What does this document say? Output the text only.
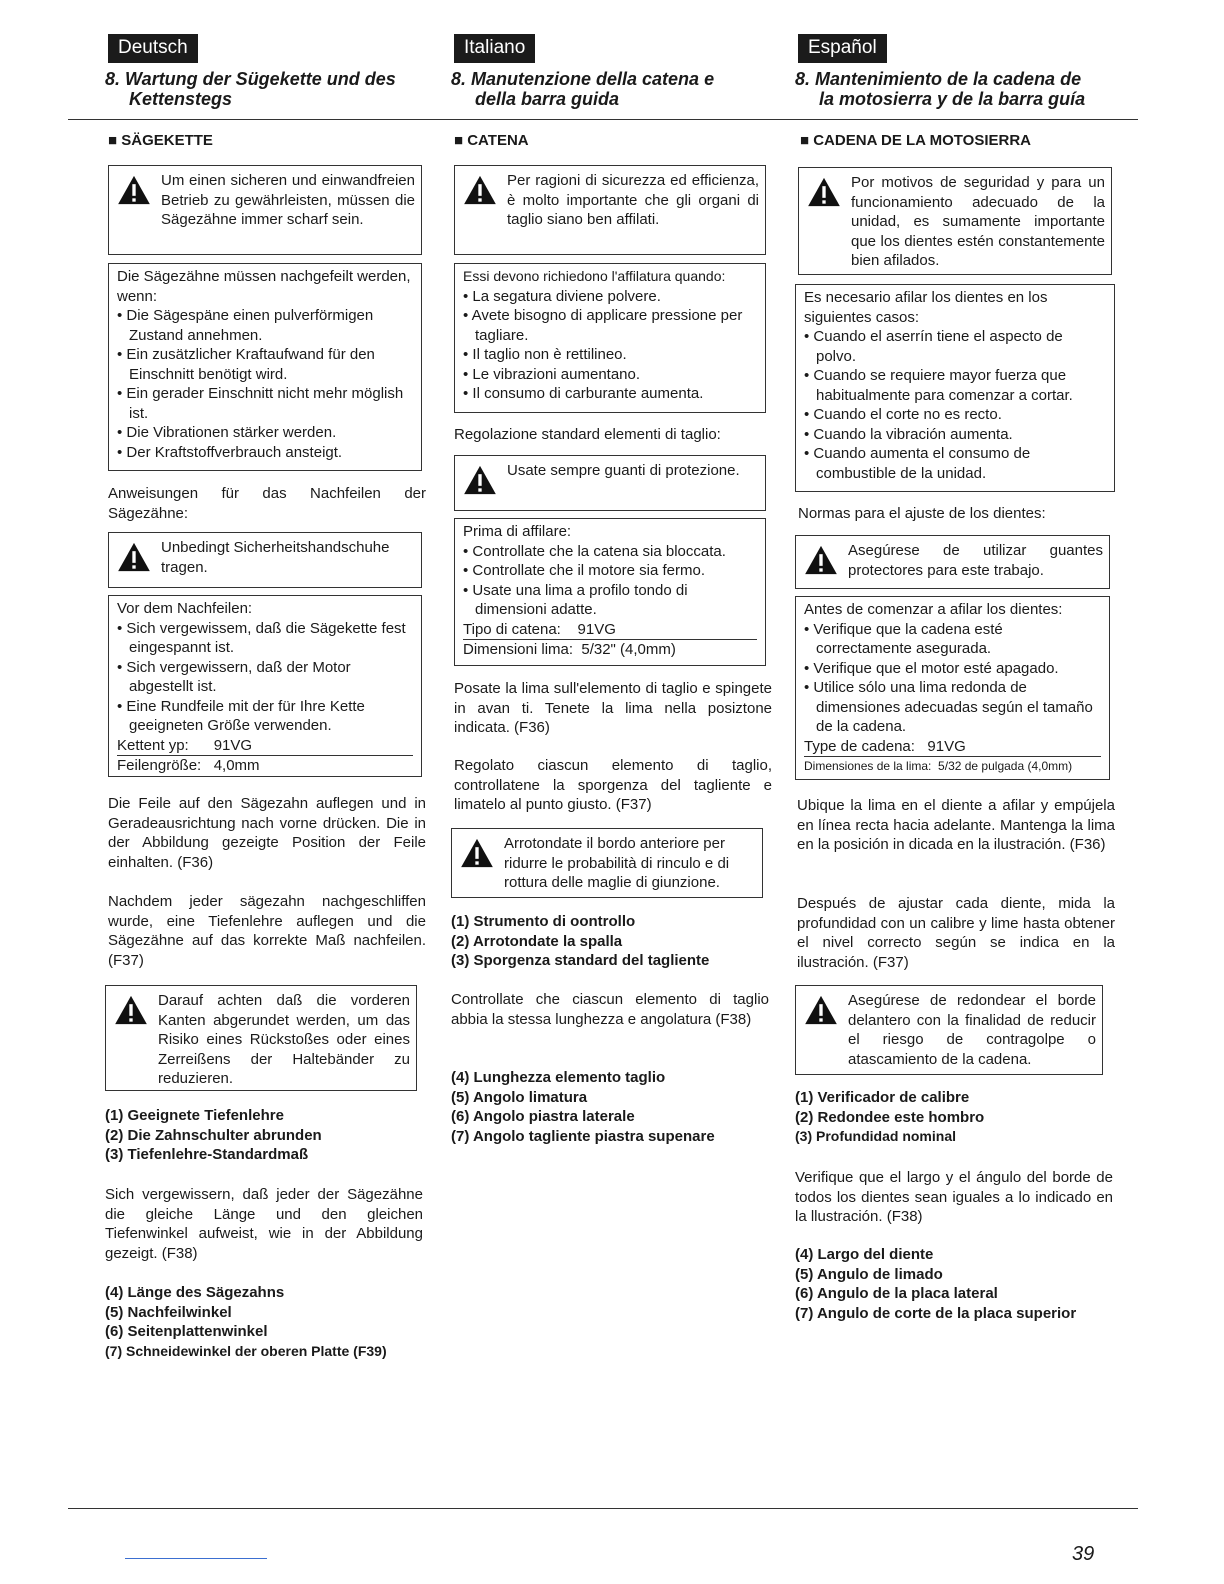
Deutsch
8. Wartung der Sügekette und des
Kettenstegs
Italiano
8. Manutenzione della catena e
della barra guida
Español
8. Mantenimiento de la cadena de
la motosierra y de la barra guía
■ SÄGEKETTE
Um einen sicheren und einwandfreien Betrieb zu gewährleisten, müssen die Sägezähne immer scharf sein.
Die Sägezähne müssen nachgefeilt werden, wenn:
• Die Sägespäne einen pulverförmigen Zustand annehmen.
• Ein zusätzlicher Kraftaufwand für den Einschnitt benötigt wird.
• Ein gerader Einschnitt nicht mehr möglish ist.
• Die Vibrationen stärker werden.
• Der Kraftstoffverbrauch ansteigt.
Anweisungen für das Nachfeilen der Sägezähne:
Unbedingt Sicherheitshandschuhe tragen.
Vor dem Nachfeilen:
• Sich vergewissem, daß die Sägekette fest eingespannt ist.
• Sich vergewissern, daß der Motor abgestellt ist.
• Eine Rundfeile mit der für Ihre Kette geeigneten Größe verwenden.
Kettent yp:      91VG
Feilengröße:   4,0mm
Die Feile auf den Sägezahn auflegen und in Geradeausrichtung nach vorne drücken. Die in der Abbildung gezeigte Position der Feile einhalten. (F36)
Nachdem jeder sägezahn nachgeschliffen wurde, eine Tiefenlehre auflegen und die Sägezähne auf das korrekte Maß nachfeilen. (F37)
Darauf achten daß die vorderen Kanten abgerundet werden, um das Risiko eines Rückstoßes oder eines Zerreißens der Haltebänder zu reduzieren.
(1) Geeignete Tiefenlehre
(2) Die Zahnschulter abrunden
(3) Tiefenlehre-Standardmaß
Sich vergewissern, daß jeder der Sägezähne die gleiche Länge und den gleichen Tiefenwinkel aufweist, wie in der Abbildung gezeigt. (F38)
(4) Länge des Sägezahns
(5) Nachfeilwinkel
(6) Seitenplattenwinkel
(7) Schneidewinkel der oberen Platte (F39)
■ CATENA
Per ragioni di sicurezza ed efficienza, è molto importante che gli organi di taglio siano ben affilati.
Essi devono richiedono l'affilatura quando:
• La segatura diviene polvere.
• Avete bisogno di applicare pressione per tagliare.
• Il taglio non è rettilineo.
• Le vibrazioni aumentano.
• Il consumo di carburante aumenta.
Regolazione standard elementi di taglio:
Usate sempre guanti di protezione.
Prima di affilare:
• Controllate che la catena sia bloccata.
• Controllate che il motore sia fermo.
• Usate una lima a profilo tondo di dimensioni adatte.
Tipo di catena:    91VG
Dimensioni lima:  5/32" (4,0mm)
Posate la lima sull'elemento di taglio e spingete in avan ti. Tenete la lima nella posiztone indicata. (F36)
Regolato ciascun elemento di taglio, controllatene la sporgenza del tagliente e limatelo al punto giusto. (F37)
Arrotondate il bordo anteriore per ridurre le probabilità di rinculo e di rottura delle maglie di giunzione.
(1) Strumento di oontrollo
(2) Arrotondate la spalla
(3) Sporgenza standard del tagliente
Controllate che ciascun elemento di taglio abbia la stessa lunghezza e angolatura (F38)
(4) Lunghezza elemento taglio
(5) Angolo limatura
(6) Angolo piastra laterale
(7) Angolo tagliente piastra supenare
■ CADENA DE LA MOTOSIERRA
Por motivos de seguridad y para un funcionamiento adecuado de la unidad, es sumamente importante que los dientes estén constantemente bien afilados.
Es necesario afilar los dientes en los siguientes casos:
• Cuando el aserrín tiene el aspecto de polvo.
• Cuando se requiere mayor fuerza que habitualmente para comenzar a cortar.
• Cuando el corte no es recto.
• Cuando la vibración aumenta.
• Cuando aumenta el consumo de combustible de la unidad.
Normas para el ajuste de los dientes:
Asegúrese de utilizar guantes protectores para este trabajo.
Antes de comenzar a afilar los dientes:
• Verifique que la cadena esté correctamente asegurada.
• Verifique que el motor esté apagado.
• Utilice sólo una lima redonda de dimensiones adecuadas según el tamaño de la cadena.
Type de cadena:   91VG
Dimensiones de la lima:  5/32 de pulgada (4,0mm)
Ubique la lima en el diente a afilar y empújela en línea recta hacia adelante. Mantenga la lima en la posición in dicada en la ilustración. (F36)
Después de ajustar cada diente, mida la profundidad con un calibre y lime hasta obtener el nivel correcto según se indica en la ilustración. (F37)
Asegúrese de redondear el borde delantero con la finalidad de reducir el riesgo de contragolpe o atascamiento de la cadena.
(1) Verificador de calibre
(2) Redondee este hombro
(3) Profundidad nominal
Verifique que el largo y el ángulo del borde de todos los dientes sean iguales a lo indicado en la llustración. (F38)
(4) Largo del diente
(5) Angulo de limado
(6) Angulo de la placa lateral
(7) Angulo de corte de la placa superior
39
